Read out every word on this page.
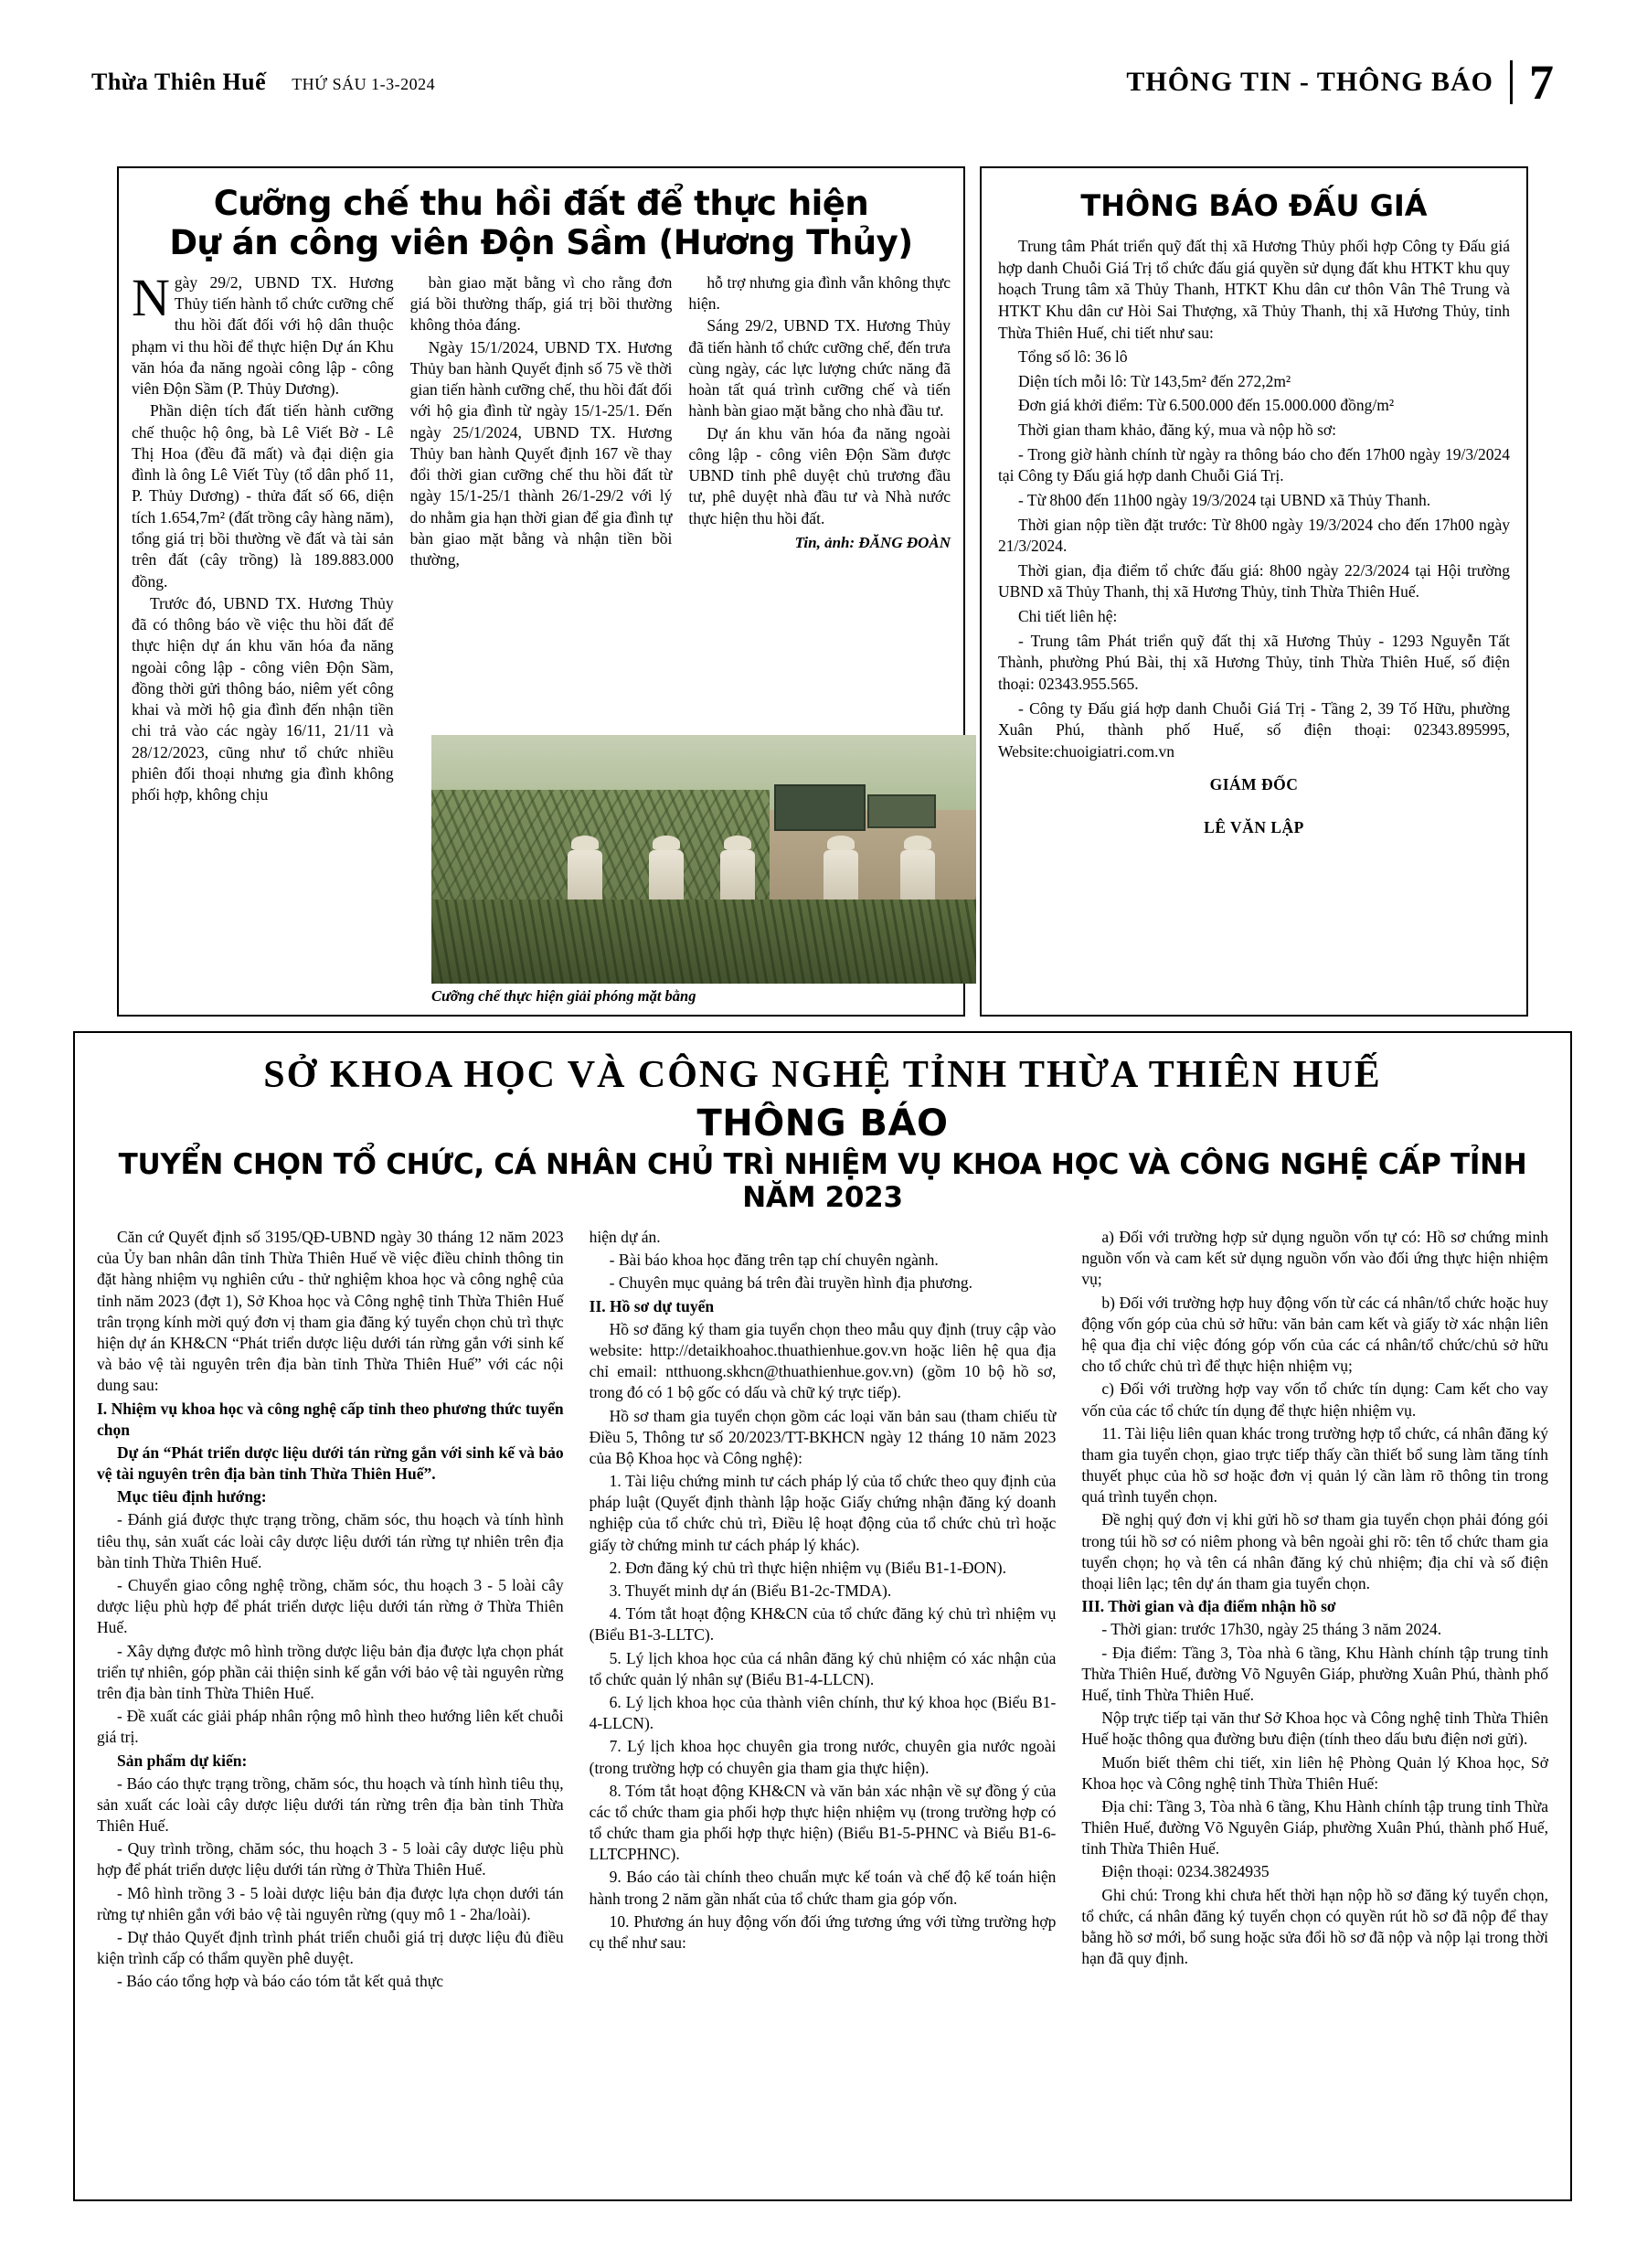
Thừa Thiên Huế THỨ SÁU 1-3-2024	THÔNG TIN - THÔNG BÁO 7
Cưỡng chế thu hồi đất để thực hiện
Dự án công viên Độn Sầm (Hương Thủy)

Ngày 29/2, UBND TX. Hương Thủy tiến hành tổ chức cưỡng chế thu hồi đất đối với hộ dân thuộc phạm vi thu hồi để thực hiện Dự án Khu văn hóa đa năng ngoài công lập - công viên Độn Sầm (P. Thủy Dương).

Phần diện tích đất tiến hành cưỡng chế thuộc hộ ông, bà Lê Viết Bờ - Lê Thị Hoa (đều đã mất) và đại diện gia đình là ông Lê Viết Tùy (tổ dân phố 11, P. Thủy Dương) - thửa đất số 66, diện tích 1.654,7m² (đất trồng cây hàng năm), tổng giá trị bồi thường về đất và tài sản trên đất (cây trồng) là 189.883.000 đồng.

Trước đó, UBND TX. Hương Thủy đã có thông báo về việc thu hồi đất để thực hiện dự án khu văn hóa đa năng ngoài công lập - công viên Độn Sầm, đồng thời gửi thông báo, niêm yết công khai và mời hộ gia đình đến nhận tiền chi trả vào các ngày 16/11, 21/11 và 28/12/2023, cũng như tổ chức nhiều phiên đối thoại nhưng gia đình không phối hợp, không chịu

bàn giao mặt bằng vì cho rằng đơn giá bồi thường thấp, giá trị bồi thường không thỏa đáng.

Ngày 15/1/2024, UBND TX. Hương Thủy ban hành Quyết định số 75 về thời gian tiến hành cưỡng chế, thu hồi đất đối với hộ gia đình từ ngày 15/1-25/1. Đến ngày 25/1/2024, UBND TX. Hương Thủy ban hành Quyết định 167 về thay đổi thời gian cưỡng chế thu hồi đất từ ngày 15/1-25/1 thành 26/1-29/2 với lý do nhằm gia hạn thời gian để gia đình tự bàn giao mặt bằng và nhận tiền bồi thường,

hỗ trợ nhưng gia đình vẫn không thực hiện.

Sáng 29/2, UBND TX. Hương Thủy đã tiến hành tổ chức cưỡng chế, đến trưa cùng ngày, các lực lượng chức năng đã hoàn tất quá trình cưỡng chế và tiến hành bàn giao mặt bằng cho nhà đầu tư.

Dự án khu văn hóa đa năng ngoài công lập - công viên Độn Sầm được UBND tỉnh phê duyệt chủ trương đầu tư, phê duyệt nhà đầu tư và Nhà nước thực hiện thu hồi đất.

Tin, ảnh: ĐĂNG ĐOÀN
Cưỡng chế thực hiện giải phóng mặt bằng
THÔNG BÁO ĐẤU GIÁ

Trung tâm Phát triển quỹ đất thị xã Hương Thủy phối hợp Công ty Đấu giá hợp danh Chuỗi Giá Trị tổ chức đấu giá quyền sử dụng đất khu HTKT khu quy hoạch Trung tâm xã Thủy Thanh, HTKT Khu dân cư thôn Vân Thê Trung và HTKT Khu dân cư Hòi Sai Thượng, xã Thủy Thanh, thị xã Hương Thủy, tỉnh Thừa Thiên Huế, chi tiết như sau:

Tổng số lô: 36 lô

Diện tích mỗi lô: Từ 143,5m² đến 272,2m²

Đơn giá khởi điểm: Từ 6.500.000 đến 15.000.000 đồng/m²

Thời gian tham khảo, đăng ký, mua và nộp hồ sơ:

- Trong giờ hành chính từ ngày ra thông báo cho đến 17h00 ngày 19/3/2024 tại Công ty Đấu giá hợp danh Chuỗi Giá Trị.

- Từ 8h00 đến 11h00 ngày 19/3/2024 tại UBND xã Thủy Thanh.

Thời gian nộp tiền đặt trước: Từ 8h00 ngày 19/3/2024 cho đến 17h00 ngày 21/3/2024.

Thời gian, địa điểm tổ chức đấu giá: 8h00 ngày 22/3/2024 tại Hội trường UBND xã Thủy Thanh, thị xã Hương Thủy, tỉnh Thừa Thiên Huế.

Chi tiết liên hệ:

- Trung tâm Phát triển quỹ đất thị xã Hương Thủy - 1293 Nguyễn Tất Thành, phường Phú Bài, thị xã Hương Thủy, tỉnh Thừa Thiên Huế, số điện thoại: 02343.955.565.

- Công ty Đấu giá hợp danh Chuỗi Giá Trị - Tầng 2, 39 Tố Hữu, phường Xuân Phú, thành phố Huế, số điện thoại: 02343.895995, Website:chuoigiatri.com.vn

GIÁM ĐỐC
LÊ VĂN LẬP
SỞ KHOA HỌC VÀ CÔNG NGHỆ TỈNH THỪA THIÊN HUẾ
THÔNG BÁO
TUYỂN CHỌN TỔ CHỨC, CÁ NHÂN CHỦ TRÌ NHIỆM VỤ KHOA HỌC VÀ CÔNG NGHỆ CẤP TỈNH NĂM 2023

Căn cứ Quyết định số 3195/QĐ-UBND ngày 30 tháng 12 năm 2023 của Ủy ban nhân dân tỉnh Thừa Thiên Huế về việc điều chỉnh thông tin đặt hàng nhiệm vụ nghiên cứu - thử nghiệm khoa học và công nghệ của tỉnh năm 2023 (đợt 1), Sở Khoa học và Công nghệ tỉnh Thừa Thiên Huế trân trọng kính mời quý đơn vị tham gia đăng ký tuyển chọn chủ trì thực hiện dự án KH&CN “Phát triển dược liệu dưới tán rừng gắn với sinh kế và bảo vệ tài nguyên trên địa bàn tỉnh Thừa Thiên Huế” với các nội dung sau:

I. Nhiệm vụ khoa học và công nghệ cấp tỉnh theo phương thức tuyển chọn

Dự án “Phát triển dược liệu dưới tán rừng gắn với sinh kế và bảo vệ tài nguyên trên địa bàn tỉnh Thừa Thiên Huế”.

Mục tiêu định hướng:

- Đánh giá được thực trạng trồng, chăm sóc, thu hoạch và tính hình tiêu thụ, sản xuất các loài cây dược liệu dưới tán rừng tự nhiên trên địa bàn tỉnh Thừa Thiên Huế.

- Chuyển giao công nghệ trồng, chăm sóc, thu hoạch 3 - 5 loài cây dược liệu phù hợp để phát triển dược liệu dưới tán rừng ở Thừa Thiên Huế.

- Xây dựng được mô hình trồng dược liệu bản địa được lựa chọn phát triển tự nhiên, góp phần cải thiện sinh kế gắn với bảo vệ tài nguyên rừng trên địa bàn tỉnh Thừa Thiên Huế.

- Đề xuất các giải pháp nhân rộng mô hình theo hướng liên kết chuỗi giá trị.

Sản phẩm dự kiến:

- Báo cáo thực trạng trồng, chăm sóc, thu hoạch và tính hình tiêu thụ, sản xuất các loài cây dược liệu dưới tán rừng trên địa bàn tỉnh Thừa Thiên Huế.

- Quy trình trồng, chăm sóc, thu hoạch 3 - 5 loài cây dược liệu phù hợp để phát triển dược liệu dưới tán rừng ở Thừa Thiên Huế.

- Mô hình trồng 3 - 5 loài dược liệu bản địa được lựa chọn dưới tán rừng tự nhiên gắn với bảo vệ tài nguyên rừng (quy mô 1 - 2ha/loài).

- Dự thảo Quyết định trình phát triển chuỗi giá trị dược liệu đủ điều kiện trình cấp có thẩm quyền phê duyệt.

- Báo cáo tổng hợp và báo cáo tóm tắt kết quả thực

hiện dự án.

- Bài báo khoa học đăng trên tạp chí chuyên ngành.

- Chuyên mục quảng bá trên đài truyền hình địa phương.

II. Hồ sơ dự tuyển

Hồ sơ đăng ký tham gia tuyển chọn theo mẫu quy định (truy cập vào website: http://detaikhoahoc.thuathienhue.gov.vn hoặc liên hệ qua địa chỉ email: ntthuong.skhcn@thuathienhue.gov.vn) (gồm 10 bộ hồ sơ, trong đó có 1 bộ gốc có dấu và chữ ký trực tiếp).

Hồ sơ tham gia tuyển chọn gồm các loại văn bản sau (tham chiếu từ Điều 5, Thông tư số 20/2023/TT-BKHCN ngày 12 tháng 10 năm 2023 của Bộ Khoa học và Công nghệ):

1. Tài liệu chứng minh tư cách pháp lý của tổ chức theo quy định của pháp luật (Quyết định thành lập hoặc Giấy chứng nhận đăng ký doanh nghiệp của tổ chức chủ trì, Điều lệ hoạt động của tổ chức chủ trì hoặc giấy tờ chứng minh tư cách pháp lý khác).

2. Đơn đăng ký chủ trì thực hiện nhiệm vụ (Biểu B1-1-ĐON).

3. Thuyết minh dự án (Biểu B1-2c-TMDA).

4. Tóm tắt hoạt động KH&CN của tổ chức đăng ký chủ trì nhiệm vụ (Biểu B1-3-LLTC).

5. Lý lịch khoa học của cá nhân đăng ký chủ nhiệm có xác nhận của tổ chức quản lý nhân sự (Biểu B1-4-LLCN).

6. Lý lịch khoa học của thành viên chính, thư ký khoa học (Biểu B1-4-LLCN).

7. Lý lịch khoa học chuyên gia trong nước, chuyên gia nước ngoài (trong trường hợp có chuyên gia tham gia thực hiện).

8. Tóm tắt hoạt động KH&CN và văn bản xác nhận về sự đồng ý của các tổ chức tham gia phối hợp thực hiện nhiệm vụ (trong trường hợp có tổ chức tham gia phối hợp thực hiện) (Biểu B1-5-PHNC và Biểu B1-6-LLTCPHNC).

9. Báo cáo tài chính theo chuẩn mực kế toán và chế độ kế toán hiện hành trong 2 năm gần nhất của tổ chức tham gia góp vốn.

10. Phương án huy động vốn đối ứng tương ứng với từng trường hợp cụ thể như sau:

a) Đối với trường hợp sử dụng nguồn vốn tự có: Hồ sơ chứng minh nguồn vốn và cam kết sử dụng nguồn vốn vào đối ứng thực hiện nhiệm vụ;

b) Đối với trường hợp huy động vốn từ các cá nhân/tổ chức hoặc huy động vốn góp của chủ sở hữu: văn bản cam kết và giấy tờ xác nhận liên hệ qua địa chỉ việc đóng góp vốn của các cá nhân/tổ chức/chủ sở hữu cho tổ chức chủ trì để thực hiện nhiệm vụ;

c) Đối với trường hợp vay vốn tổ chức tín dụng: Cam kết cho vay vốn của các tổ chức tín dụng để thực hiện nhiệm vụ.

11. Tài liệu liên quan khác trong trường hợp tổ chức, cá nhân đăng ký tham gia tuyển chọn, giao trực tiếp thấy cần thiết bổ sung làm tăng tính thuyết phục của hồ sơ hoặc đơn vị quản lý cần làm rõ thông tin trong quá trình tuyển chọn.

Đề nghị quý đơn vị khi gửi hồ sơ tham gia tuyển chọn phải đóng gói trong túi hồ sơ có niêm phong và bên ngoài ghi rõ: tên tổ chức tham gia tuyển chọn; họ và tên cá nhân đăng ký chủ nhiệm; địa chỉ và số điện thoại liên lạc; tên dự án tham gia tuyển chọn.

III. Thời gian và địa điểm nhận hồ sơ

- Thời gian: trước 17h30, ngày 25 tháng 3 năm 2024.

- Địa điểm: Tầng 3, Tòa nhà 6 tầng, Khu Hành chính tập trung tỉnh Thừa Thiên Huế, đường Võ Nguyên Giáp, phường Xuân Phú, thành phố Huế, tỉnh Thừa Thiên Huế.

Nộp trực tiếp tại văn thư Sở Khoa học và Công nghệ tỉnh Thừa Thiên Huế hoặc thông qua đường bưu điện (tính theo dấu bưu điện nơi gửi).

Muốn biết thêm chi tiết, xin liên hệ Phòng Quản lý Khoa học, Sở Khoa học và Công nghệ tỉnh Thừa Thiên Huế:

Địa chỉ: Tầng 3, Tòa nhà 6 tầng, Khu Hành chính tập trung tỉnh Thừa Thiên Huế, đường Võ Nguyên Giáp, phường Xuân Phú, thành phố Huế, tỉnh Thừa Thiên Huế.

Điện thoại: 0234.3824935

Ghi chú: Trong khi chưa hết thời hạn nộp hồ sơ đăng ký tuyển chọn, tổ chức, cá nhân đăng ký tuyển chọn có quyền rút hồ sơ đã nộp để thay bằng hồ sơ mới, bổ sung hoặc sửa đổi hồ sơ đã nộp và nộp lại trong thời hạn đã quy định.
